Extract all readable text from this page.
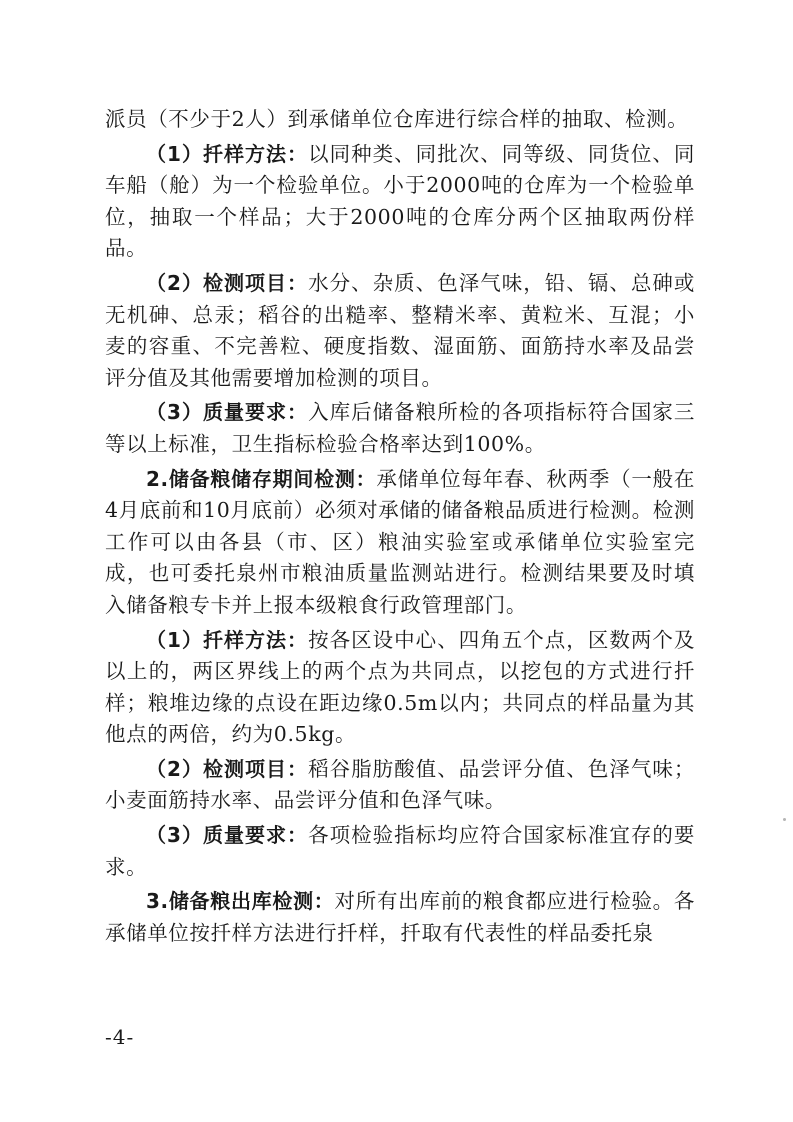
派员（不少于2人）到承储单位仓库进行综合样的抽取、检测。

（1）扦样方法：以同种类、同批次、同等级、同货位、同车船（舱）为一个检验单位。小于2000吨的仓库为一个检验单位，抽取一个样品；大于2000吨的仓库分两个区抽取两份样品。

（2）检测项目：水分、杂质、色泽气味，铅、镉、总砷或无机砷、总汞；稻谷的出糙率、整精米率、黄粒米、互混；小麦的容重、不完善粒、硬度指数、湿面筋、面筋持水率及品尝评分值及其他需要增加检测的项目。

（3）质量要求：入库后储备粮所检的各项指标符合国家三等以上标准，卫生指标检验合格率达到100%。

2.储备粮储存期间检测：承储单位每年春、秋两季（一般在4月底前和10月底前）必须对承储的储备粮品质进行检测。检测工作可以由各县（市、区）粮油实验室或承储单位实验室完成，也可委托泉州市粮油质量监测站进行。检测结果要及时填入储备粮专卡并上报本级粮食行政管理部门。

（1）扦样方法：按各区设中心、四角五个点，区数两个及以上的，两区界线上的两个点为共同点，以挖包的方式进行扦样；粮堆边缘的点设在距边缘0.5m以内；共同点的样品量为其他点的两倍，约为0.5kg。

（2）检测项目：稻谷脂肪酸值、品尝评分值、色泽气味；小麦面筋持水率、品尝评分值和色泽气味。

（3）质量要求：各项检验指标均应符合国家标准宜存的要求。

3.储备粮出库检测：对所有出库前的粮食都应进行检验。各承储单位按扦样方法进行扦样，扦取有代表性的样品委托泉

-4-
